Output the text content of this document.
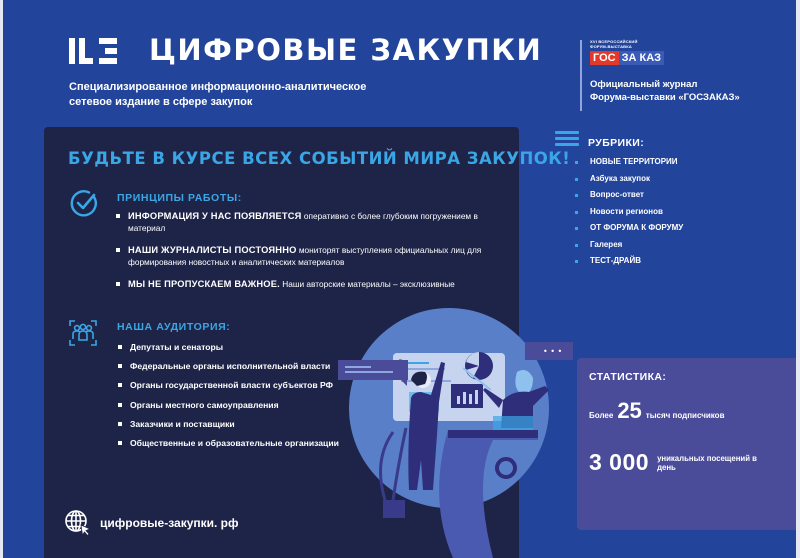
ЦИФРОВЫЕ ЗАКУПКИ
Специализированное информационно-аналитическое
сетевое издание в сфере закупок
XVI ВСЕРОССИЙСКИЙ
ФОРУМ-ВЫСТАВКА
ГОС ЗА КАЗ
Официальный журнал
Форума-выставки «ГОСЗАКАЗ»
БУДЬТЕ В КУРСЕ ВСЕХ СОБЫТИЙ МИРА ЗАКУПОК!
ПРИНЦИПЫ РАБОТЫ:
ИНФОРМАЦИЯ У НАС ПОЯВЛЯЕТСЯ оперативно с более глубоким погружением в материал
НАШИ ЖУРНАЛИСТЫ ПОСТОЯННО мониторят выступления официальных лиц для формирования новостных и аналитических материалов
МЫ НЕ ПРОПУСКАЕМ ВАЖНОЕ. Наши авторские материалы – эксклюзивные
НАША АУДИТОРИЯ:
Депутаты и сенаторы
Федеральные органы исполнительной власти
Органы государственной власти субъектов РФ
Органы местного самоуправления
Заказчики и поставщики
Общественные и образовательные организации
цифровые-закупки. рф
• • •
РУБРИКИ:
НОВЫЕ ТЕРРИТОРИИ
Азбука закупок
Вопрос-ответ
Новости регионов
ОТ ФОРУМА К ФОРУМУ
Галерея
ТЕСТ-ДРАЙВ
СТАТИСТИКА:
Более 25 тысяч подписчиков
3 000 уникальных посещений в день
